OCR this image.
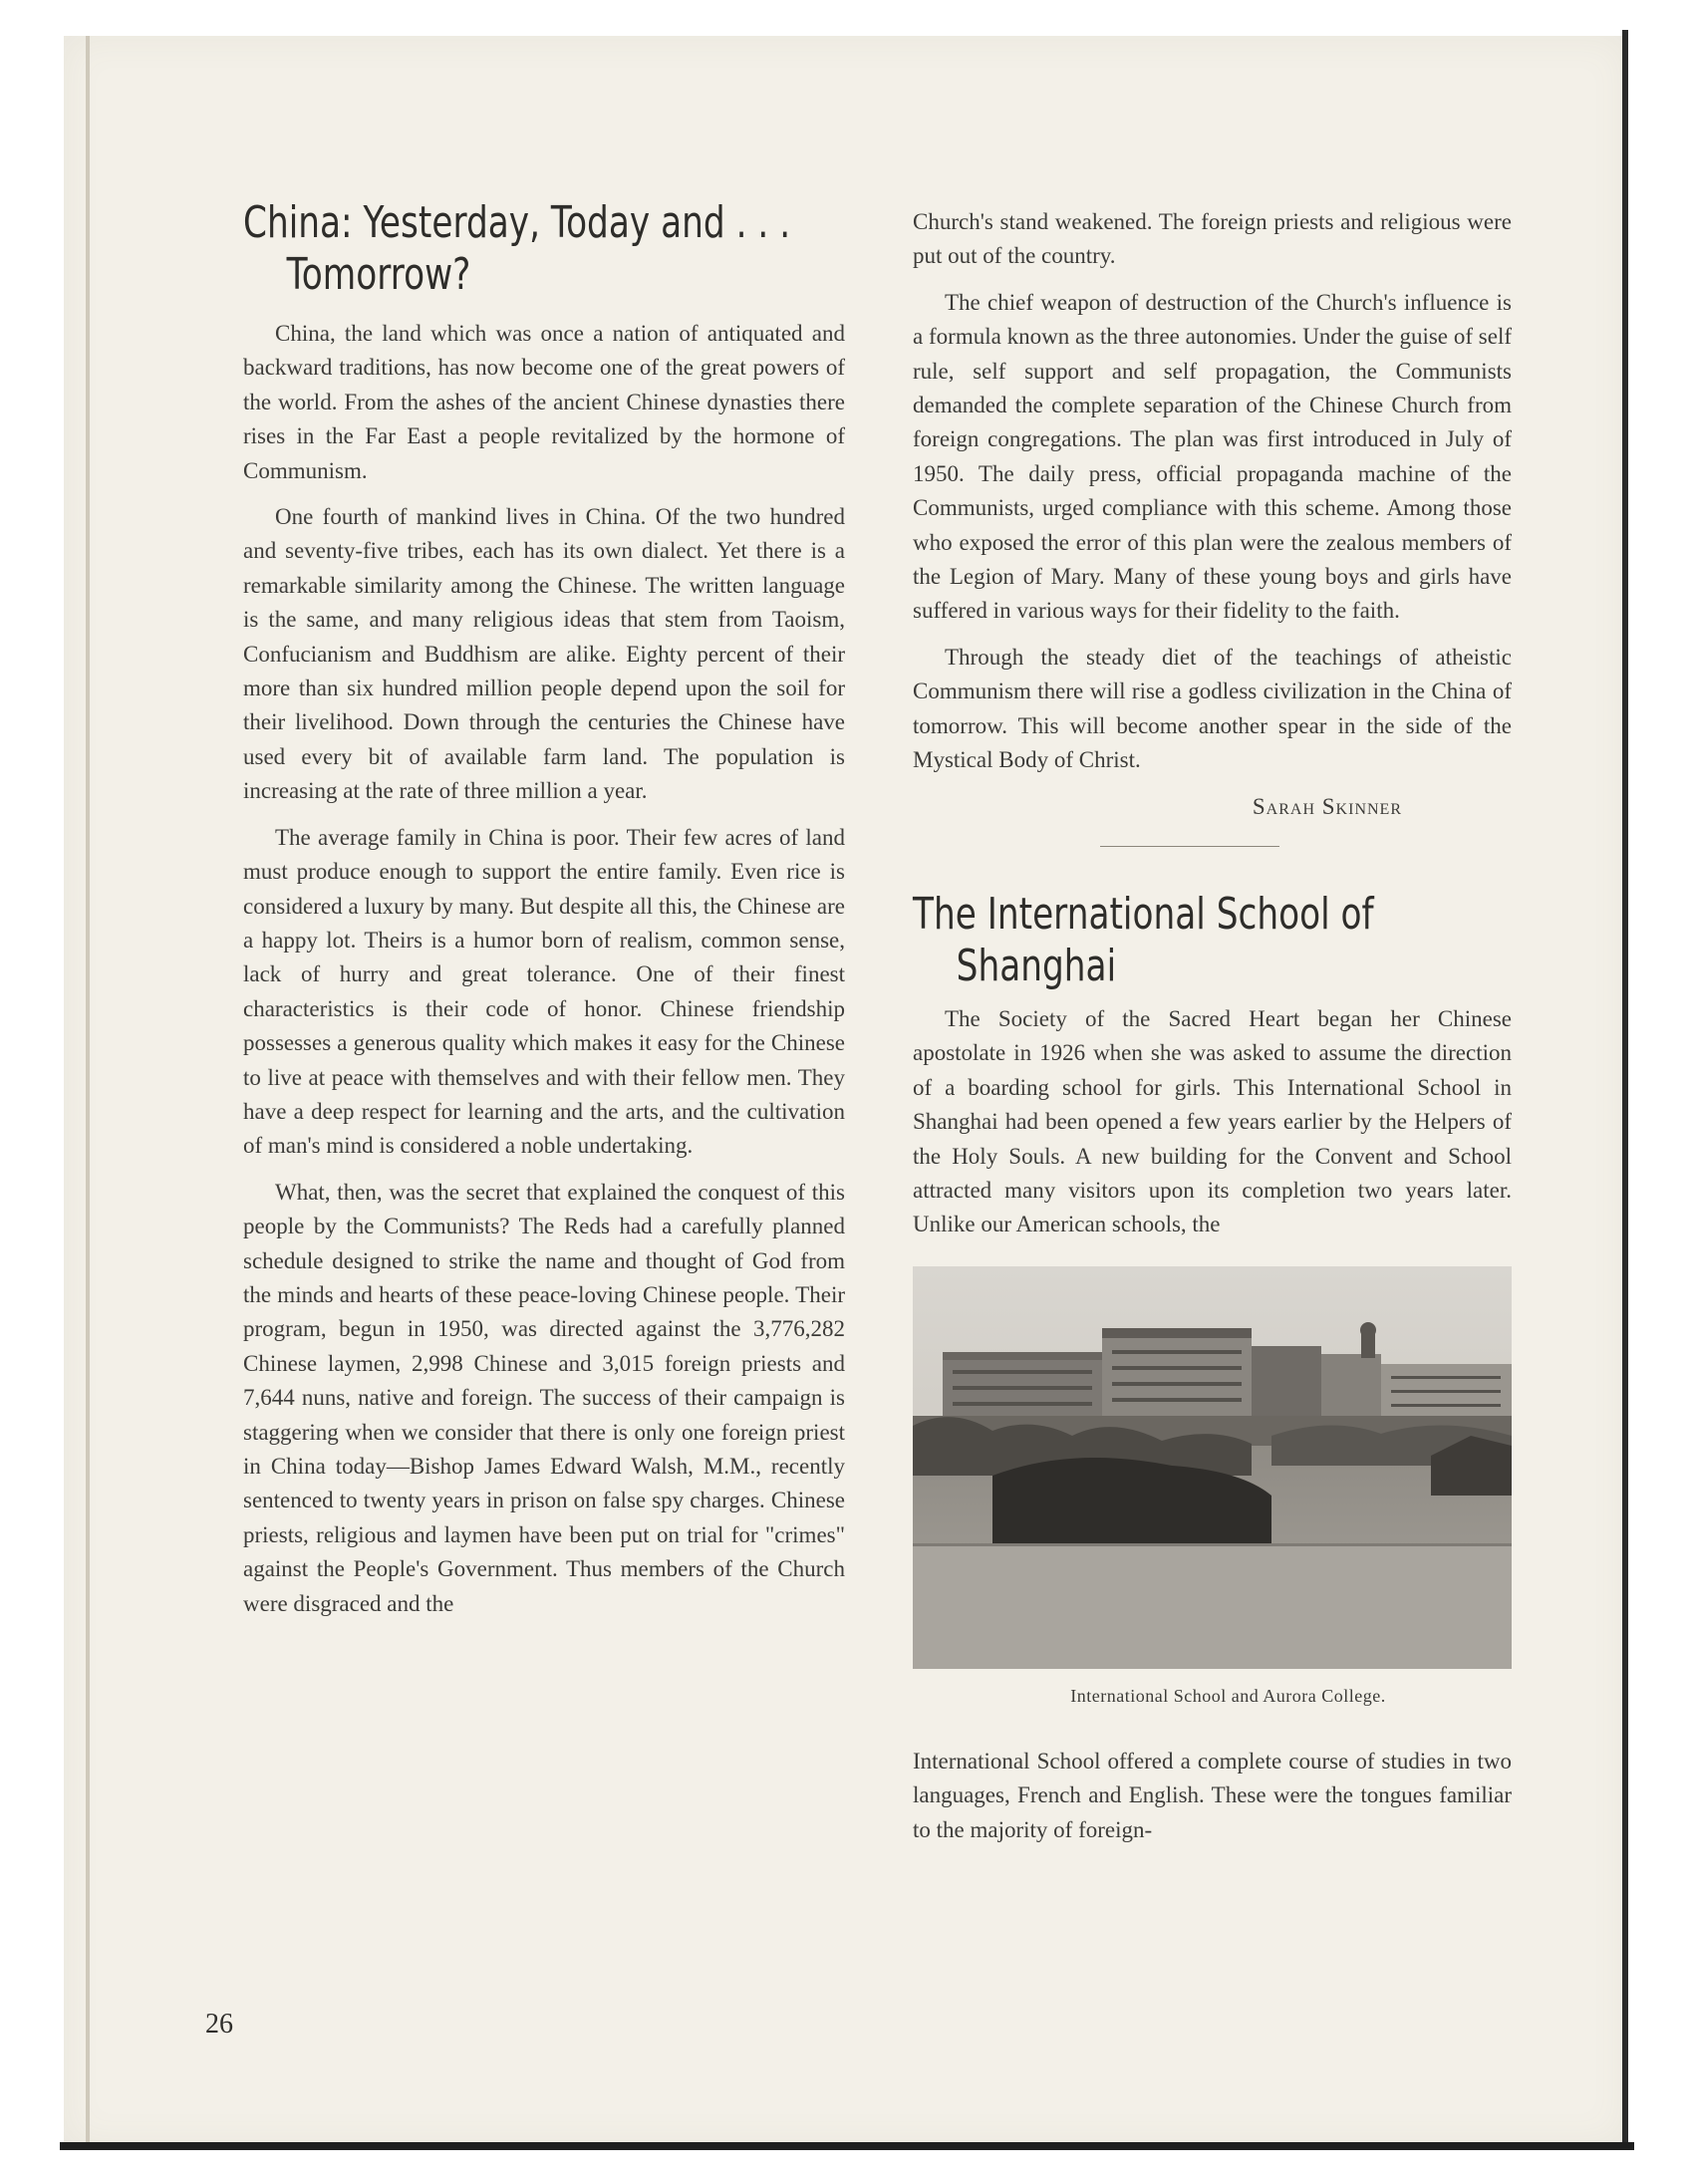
China: Yesterday, Today and . . .
Tomorrow?

China, the land which was once a nation of antiquated and backward traditions, has now become one of the great powers of the world. From the ashes of the ancient Chinese dynasties there rises in the Far East a people revitalized by the hormone of Communism.

One fourth of mankind lives in China. Of the two hundred and seventy-five tribes, each has its own dialect. Yet there is a remarkable similarity among the Chinese. The written language is the same, and many religious ideas that stem from Taoism, Confucianism and Buddhism are alike. Eighty percent of their more than six hundred million people depend upon the soil for their livelihood. Down through the centuries the Chinese have used every bit of available farm land. The population is increasing at the rate of three million a year.

The average family in China is poor. Their few acres of land must produce enough to support the entire family. Even rice is considered a luxury by many. But despite all this, the Chinese are a happy lot. Theirs is a humor born of realism, common sense, lack of hurry and great tolerance. One of their finest characteristics is their code of honor. Chinese friendship possesses a generous quality which makes it easy for the Chinese to live at peace with themselves and with their fellow men. They have a deep respect for learning and the arts, and the cultivation of man's mind is considered a noble undertaking.

What, then, was the secret that explained the conquest of this people by the Communists? The Reds had a carefully planned schedule designed to strike the name and thought of God from the minds and hearts of these peace-loving Chinese people. Their program, begun in 1950, was directed against the 3,776,282 Chinese laymen, 2,998 Chinese and 3,015 foreign priests and 7,644 nuns, native and foreign. The success of their campaign is staggering when we consider that there is only one foreign priest in China today—Bishop James Edward Walsh, M.M., recently sentenced to twenty years in prison on false spy charges. Chinese priests, religious and laymen have been put on trial for "crimes" against the People's Government. Thus members of the Church were disgraced and the

Church's stand weakened. The foreign priests and religious were put out of the country.

The chief weapon of destruction of the Church's influence is a formula known as the three autonomies. Under the guise of self rule, self support and self propagation, the Communists demanded the complete separation of the Chinese Church from foreign congregations. The plan was first introduced in July of 1950. The daily press, official propaganda machine of the Communists, urged compliance with this scheme. Among those who exposed the error of this plan were the zealous members of the Legion of Mary. Many of these young boys and girls have suffered in various ways for their fidelity to the faith.

Through the steady diet of the teachings of atheistic Communism there will rise a godless civilization in the China of tomorrow. This will become another spear in the side of the Mystical Body of Christ.

Sarah Skinner

The International School of
Shanghai

The Society of the Sacred Heart began her Chinese apostolate in 1926 when she was asked to assume the direction of a boarding school for girls. This International School in Shanghai had been opened a few years earlier by the Helpers of the Holy Souls. A new building for the Convent and School attracted many visitors upon its completion two years later. Unlike our American schools, the

International School and Aurora College.

International School offered a complete course of studies in two languages, French and English. These were the tongues familiar to the majority of foreign-

26
